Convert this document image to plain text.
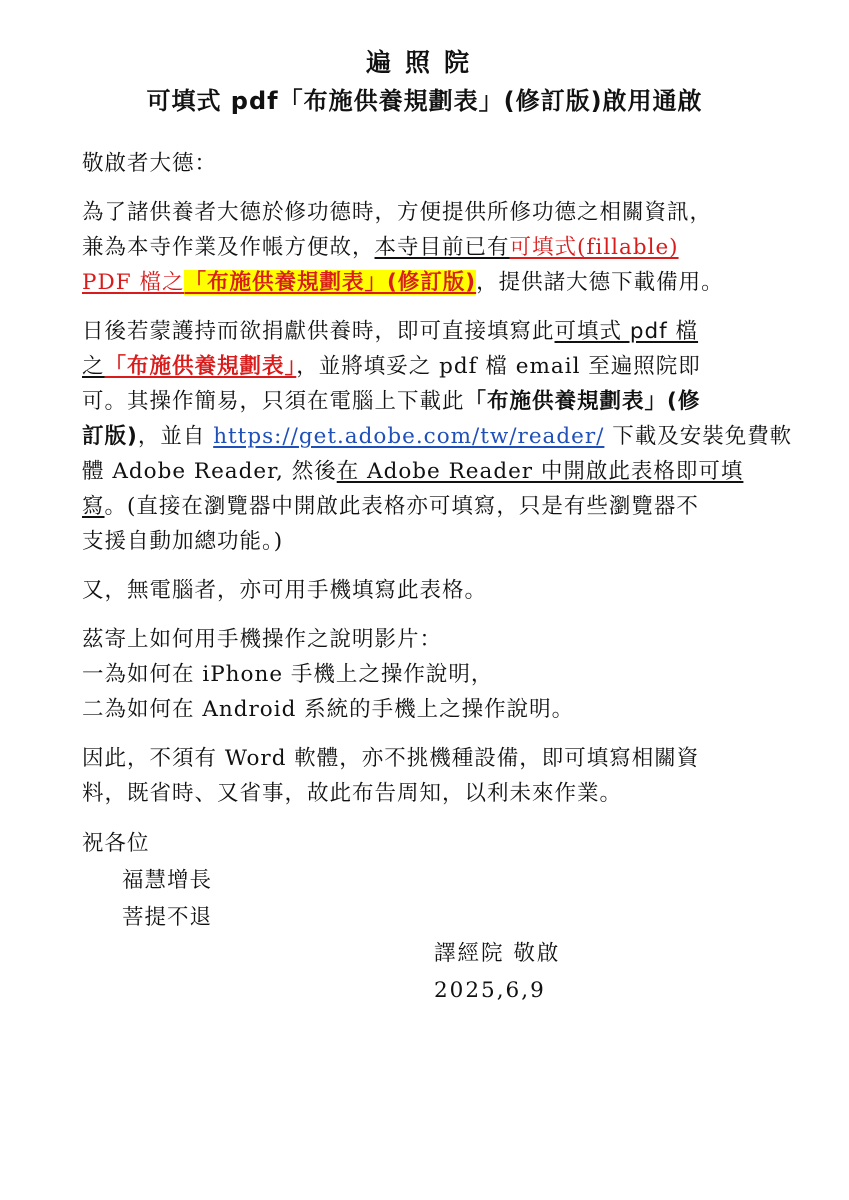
遍照院
可填式 pdf「布施供養規劃表」(修訂版)啟用通啟

敬啟者大德：

為了諸供養者大德於修功德時，方便提供所修功德之相關資訊，
兼為本寺作業及作帳方便故，本寺目前已有可填式(fillable)
PDF 檔之「布施供養規劃表」(修訂版)，提供諸大德下載備用。

日後若蒙護持而欲捐獻供養時，即可直接填寫此可填式 pdf 檔
之「布施供養規劃表」，並將填妥之 pdf 檔 email 至遍照院即
可。其操作簡易，只須在電腦上下載此「布施供養規劃表」(修
訂版)，並自 https://get.adobe.com/tw/reader/ 下載及安裝免費軟
體 Adobe Reader, 然後在 Adobe Reader 中開啟此表格即可填
寫。(直接在瀏覽器中開啟此表格亦可填寫，只是有些瀏覽器不
支援自動加總功能。)

又，無電腦者，亦可用手機填寫此表格。

茲寄上如何用手機操作之說明影片：
一為如何在 iPhone 手機上之操作說明，
二為如何在 Android 系統的手機上之操作說明。

因此，不須有 Word 軟體，亦不挑機種設備，即可填寫相關資
料，既省時、又省事，故此布告周知，以利未來作業。

祝各位
福慧增長
菩提不退

譯經院 敬啟
2025,6,9
